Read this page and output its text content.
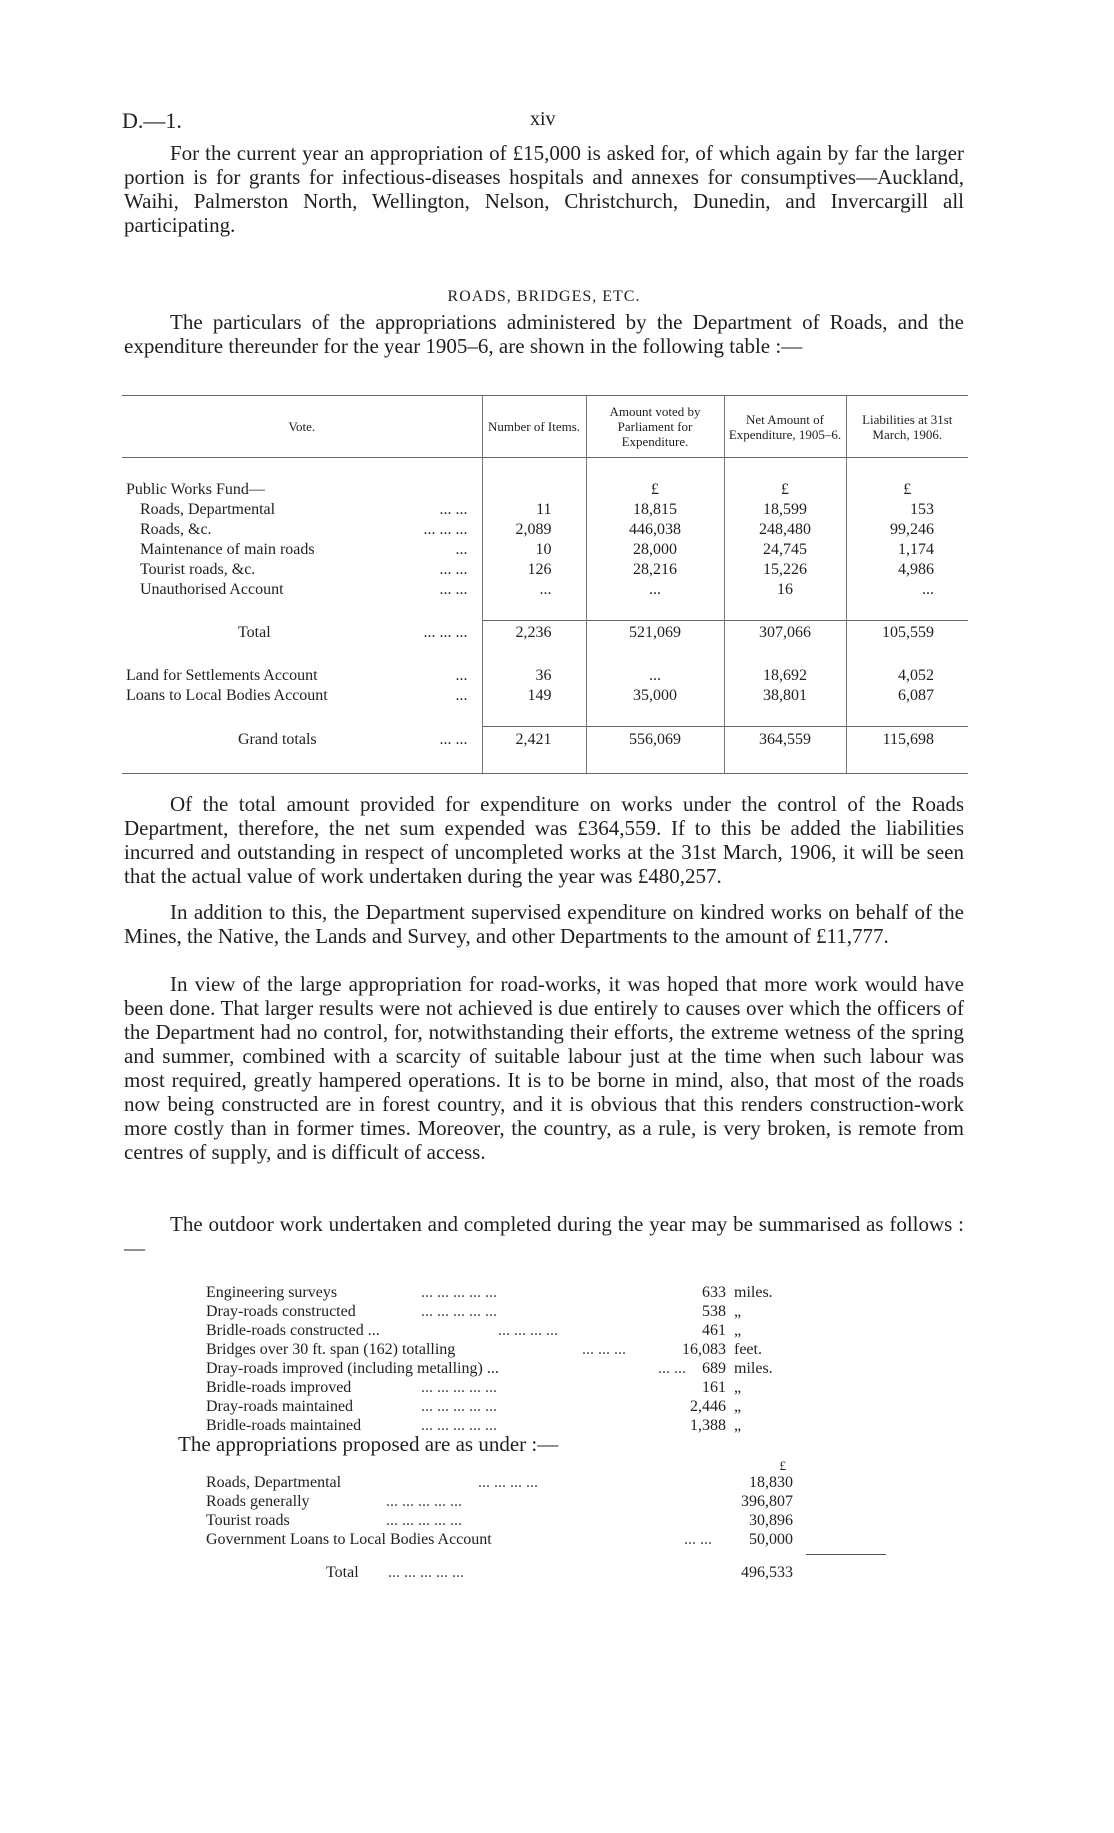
D.—1.	xiv

For the current year an appropriation of £15,000 is asked for, of which again by far the larger portion is for grants for infectious-diseases hospitals and annexes for consumptives—Auckland, Waihi, Palmerston North, Wellington, Nelson, Christchurch, Dunedin, and Invercargill all participating.

ROADS, BRIDGES, ETC.

The particulars of the appropriations administered by the Department of Roads, and the expenditure thereunder for the year 1905–6, are shown in the following table :—

Vote.	Number of Items.	Amount voted by Parliament for Expenditure.	Net Amount of Expenditure, 1905–6.	Liabilities at 31st March, 1906.

Public Works Fund—		£	£	£
Roads, Departmental ... ...	11	18,815	18,599	153
Roads, &c. ... ... ...	2,089	446,038	248,480	99,246
Maintenance of main roads ...	10	28,000	24,745	1,174
Tourist roads, &c. ... ...	126	28,216	15,226	4,986
Unauthorised Account ... ...	...	...	16	...

Total ... ... ...	2,236	521,069	307,066	105,559

Land for Settlements Account ...	36	...	18,692	4,052
Loans to Local Bodies Account ...	149	35,000	38,801	6,087

Grand totals ... ...	2,421	556,069	364,559	115,698

Of the total amount provided for expenditure on works under the control of the Roads Department, therefore, the net sum expended was £364,559. If to this be added the liabilities incurred and outstanding in respect of uncompleted works at the 31st March, 1906, it will be seen that the actual value of work undertaken during the year was £480,257.

In addition to this, the Department supervised expenditure on kindred works on behalf of the Mines, the Native, the Lands and Survey, and other Departments to the amount of £11,777.

In view of the large appropriation for road-works, it was hoped that more work would have been done. That larger results were not achieved is due entirely to causes over which the officers of the Department had no control, for, notwithstanding their efforts, the extreme wetness of the spring and summer, combined with a scarcity of suitable labour just at the time when such labour was most required, greatly hampered operations. It is to be borne in mind, also, that most of the roads now being constructed are in forest country, and it is obvious that this renders construction-work more costly than in former times. Moreover, the country, as a rule, is very broken, is remote from centres of supply, and is difficult of access.

The outdoor work undertaken and completed during the year may be summarised as follows :—

Engineering surveys	... ... ... ... ...	633 miles.
Dray-roads constructed	... ... ... ... ...	538 „
Bridle-roads constructed ...	... ... ... ...	461 „
Bridges over 30 ft. span (162) totalling	... ... ...	16,083 feet.
Dray-roads improved (including metalling) ...	... ... 689 miles.
Bridle-roads improved	... ... ... ... ...	161 „
Dray-roads maintained	... ... ... ... ...	2,446 „
Bridle-roads maintained	... ... ... ... ...	1,388 „

The appropriations proposed are as under :—

£
Roads, Departmental	... ... ... ...	18,830
Roads generally	... ... ... ... ...	396,807
Tourist roads	... ... ... ... ...	30,896
Government Loans to Local Bodies Account	... ... 50,000
Total ... ... ... ... ...	496,533
